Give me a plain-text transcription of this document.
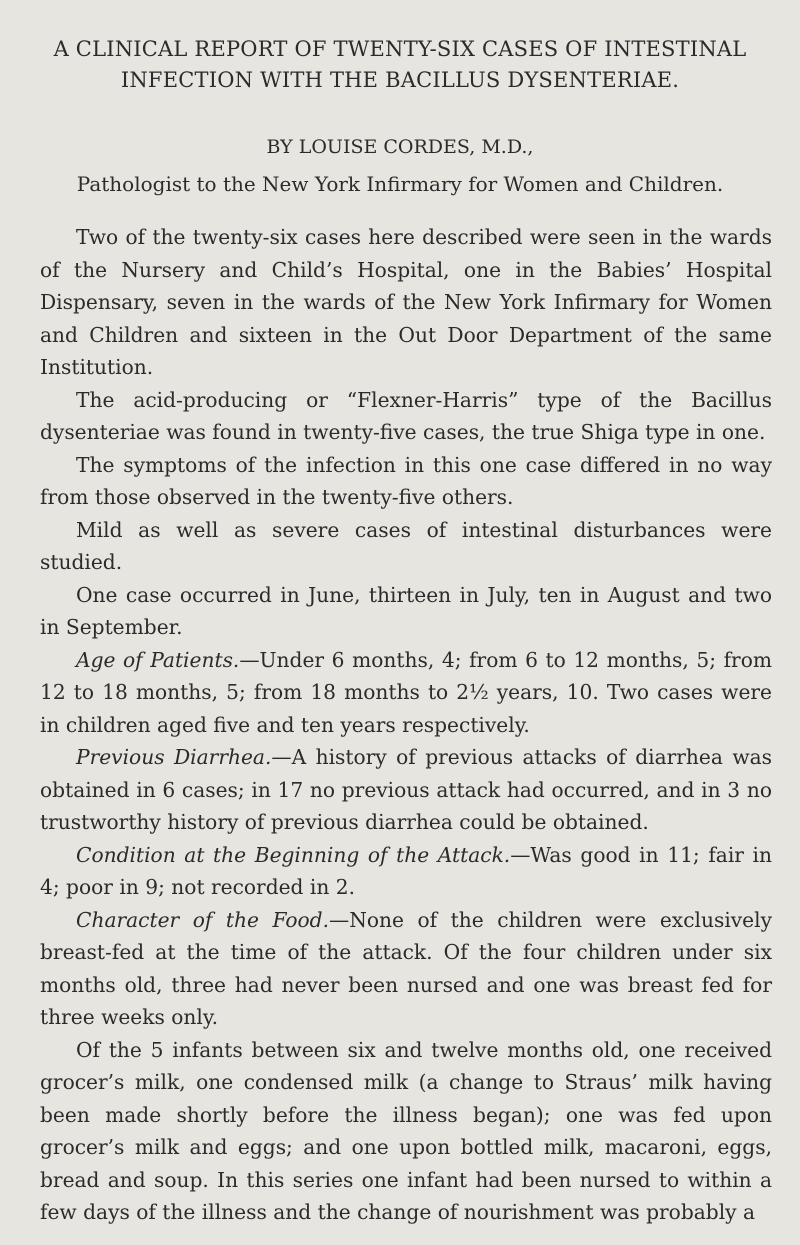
A CLINICAL REPORT OF TWENTY-SIX CASES OF INTESTINAL INFECTION WITH THE BACILLUS DYSENTERIAE.
BY LOUISE CORDES, M.D.,
Pathologist to the New York Infirmary for Women and Children.

Two of the twenty-six cases here described were seen in the wards of the Nursery and Child’s Hospital, one in the Babies’ Hospital Dispensary, seven in the wards of the New York Infirmary for Women and Children and sixteen in the Out Door Department of the same Institution.

The acid-producing or “Flexner-Harris” type of the Bacillus dysenteriae was found in twenty-five cases, the true Shiga type in one.

The symptoms of the infection in this one case differed in no way from those observed in the twenty-five others.

Mild as well as severe cases of intestinal disturbances were studied.

One case occurred in June, thirteen in July, ten in August and two in September.

Age of Patients.—Under 6 months, 4; from 6 to 12 months, 5; from 12 to 18 months, 5; from 18 months to 2½ years, 10. Two cases were in children aged five and ten years respectively.

Previous Diarrhea.—A history of previous attacks of diarrhea was obtained in 6 cases; in 17 no previous attack had occurred, and in 3 no trustworthy history of previous diarrhea could be obtained.

Condition at the Beginning of the Attack.—Was good in 11; fair in 4; poor in 9; not recorded in 2.

Character of the Food.—None of the children were exclusively breast-fed at the time of the attack. Of the four children under six months old, three had never been nursed and one was breast fed for three weeks only.

Of the 5 infants between six and twelve months old, one received grocer’s milk, one condensed milk (a change to Straus’ milk having been made shortly before the illness began); one was fed upon grocer’s milk and eggs; and one upon bottled milk, macaroni, eggs, bread and soup. In this series one infant had been nursed to within a few days of the illness and the change of nourishment was probably a
